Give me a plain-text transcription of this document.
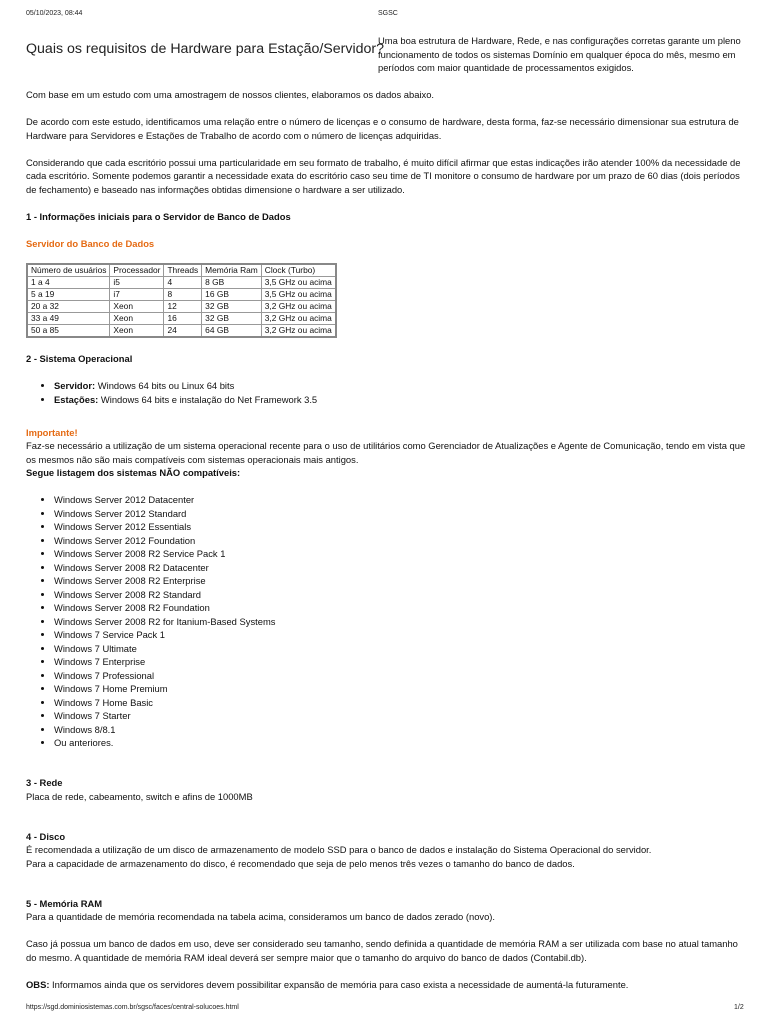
05/10/2023, 08:44	SGSC
Quais os requisitos de Hardware para Estação/Servidor?
Uma boa estrutura de Hardware, Rede, e nas configurações corretas garante um pleno funcionamento de todos os sistemas Domínio em qualquer época do mês, mesmo em períodos com maior quantidade de processamentos exigidos.

Com base em um estudo com uma amostragem de nossos clientes, elaboramos os dados abaixo.

De acordo com este estudo, identificamos uma relação entre o número de licenças e o consumo de hardware, desta forma, faz-se necessário dimensionar sua estrutura de Hardware para Servidores e Estações de Trabalho de acordo com o número de licenças adquiridas.

Considerando que cada escritório possui uma particularidade em seu formato de trabalho, é muito difícil afirmar que estas indicações irão atender 100% da necessidade de cada escritório. Somente podemos garantir a necessidade exata do escritório caso seu time de TI monitore o consumo de hardware por um prazo de 60 dias (dois períodos de fechamento) e baseado nas informações obtidas dimensione o hardware a ser utilizado.

1 - Informações iniciais para o Servidor de Banco de Dados
Servidor do Banco de Dados
Número de usuários	Processador	Threads	Memória Ram	Clock (Turbo)
1 a 4	i5	4	8 GB	3,5 GHz ou acima
5 a 19	i7	8	16 GB	3,5 GHz ou acima
20 a 32	Xeon	12	32 GB	3,2 GHz ou acima
33 a 49	Xeon	16	32 GB	3,2 GHz ou acima
50 a 85	Xeon	24	64 GB	3,2 GHz ou acima
2 - Sistema Operacional
• Servidor: Windows 64 bits ou Linux 64 bits
• Estações: Windows 64 bits e instalação do Net Framework 3.5
Importante!
Faz-se necessário a utilização de um sistema operacional recente para o uso de utilitários como Gerenciador de Atualizações e Agente de Comunicação, tendo em vista que os mesmos não são mais compatíveis com sistemas operacionais mais antigos.
Segue listagem dos sistemas NÃO compatíveis:
• Windows Server 2012 Datacenter
• Windows Server 2012 Standard
• Windows Server 2012 Essentials
• Windows Server 2012 Foundation
• Windows Server 2008 R2 Service Pack 1
• Windows Server 2008 R2 Datacenter
• Windows Server 2008 R2 Enterprise
• Windows Server 2008 R2 Standard
• Windows Server 2008 R2 Foundation
• Windows Server 2008 R2 for Itanium-Based Systems
• Windows 7 Service Pack 1
• Windows 7 Ultimate
• Windows 7 Enterprise
• Windows 7 Professional
• Windows 7 Home Premium
• Windows 7 Home Basic
• Windows 7 Starter
• Windows 8/8.1
• Ou anteriores.
3 - Rede

Placa de rede, cabeamento, switch e afins de 1000MB

4 - Disco
É recomendada a utilização de um disco de armazenamento de modelo SSD para o banco de dados e instalação do Sistema Operacional do servidor.

Para a capacidade de armazenamento do disco, é recomendado que seja de pelo menos três vezes o tamanho do banco de dados.

5 - Memória RAM

Para a quantidade de memória recomendada na tabela acima, consideramos um banco de dados zerado (novo).

Caso já possua um banco de dados em uso, deve ser considerado seu tamanho, sendo definida a quantidade de memória RAM a ser utilizada com base no atual tamanho do mesmo. A quantidade de memória RAM ideal deverá ser sempre maior que o tamanho do arquivo do banco de dados (Contabil.db).

OBS: Informamos ainda que os servidores devem possibilitar expansão de memória para caso exista a necessidade de aumentá-la futuramente.
https://sgd.dominiosistemas.com.br/sgsc/faces/central-solucoes.html	1/2
